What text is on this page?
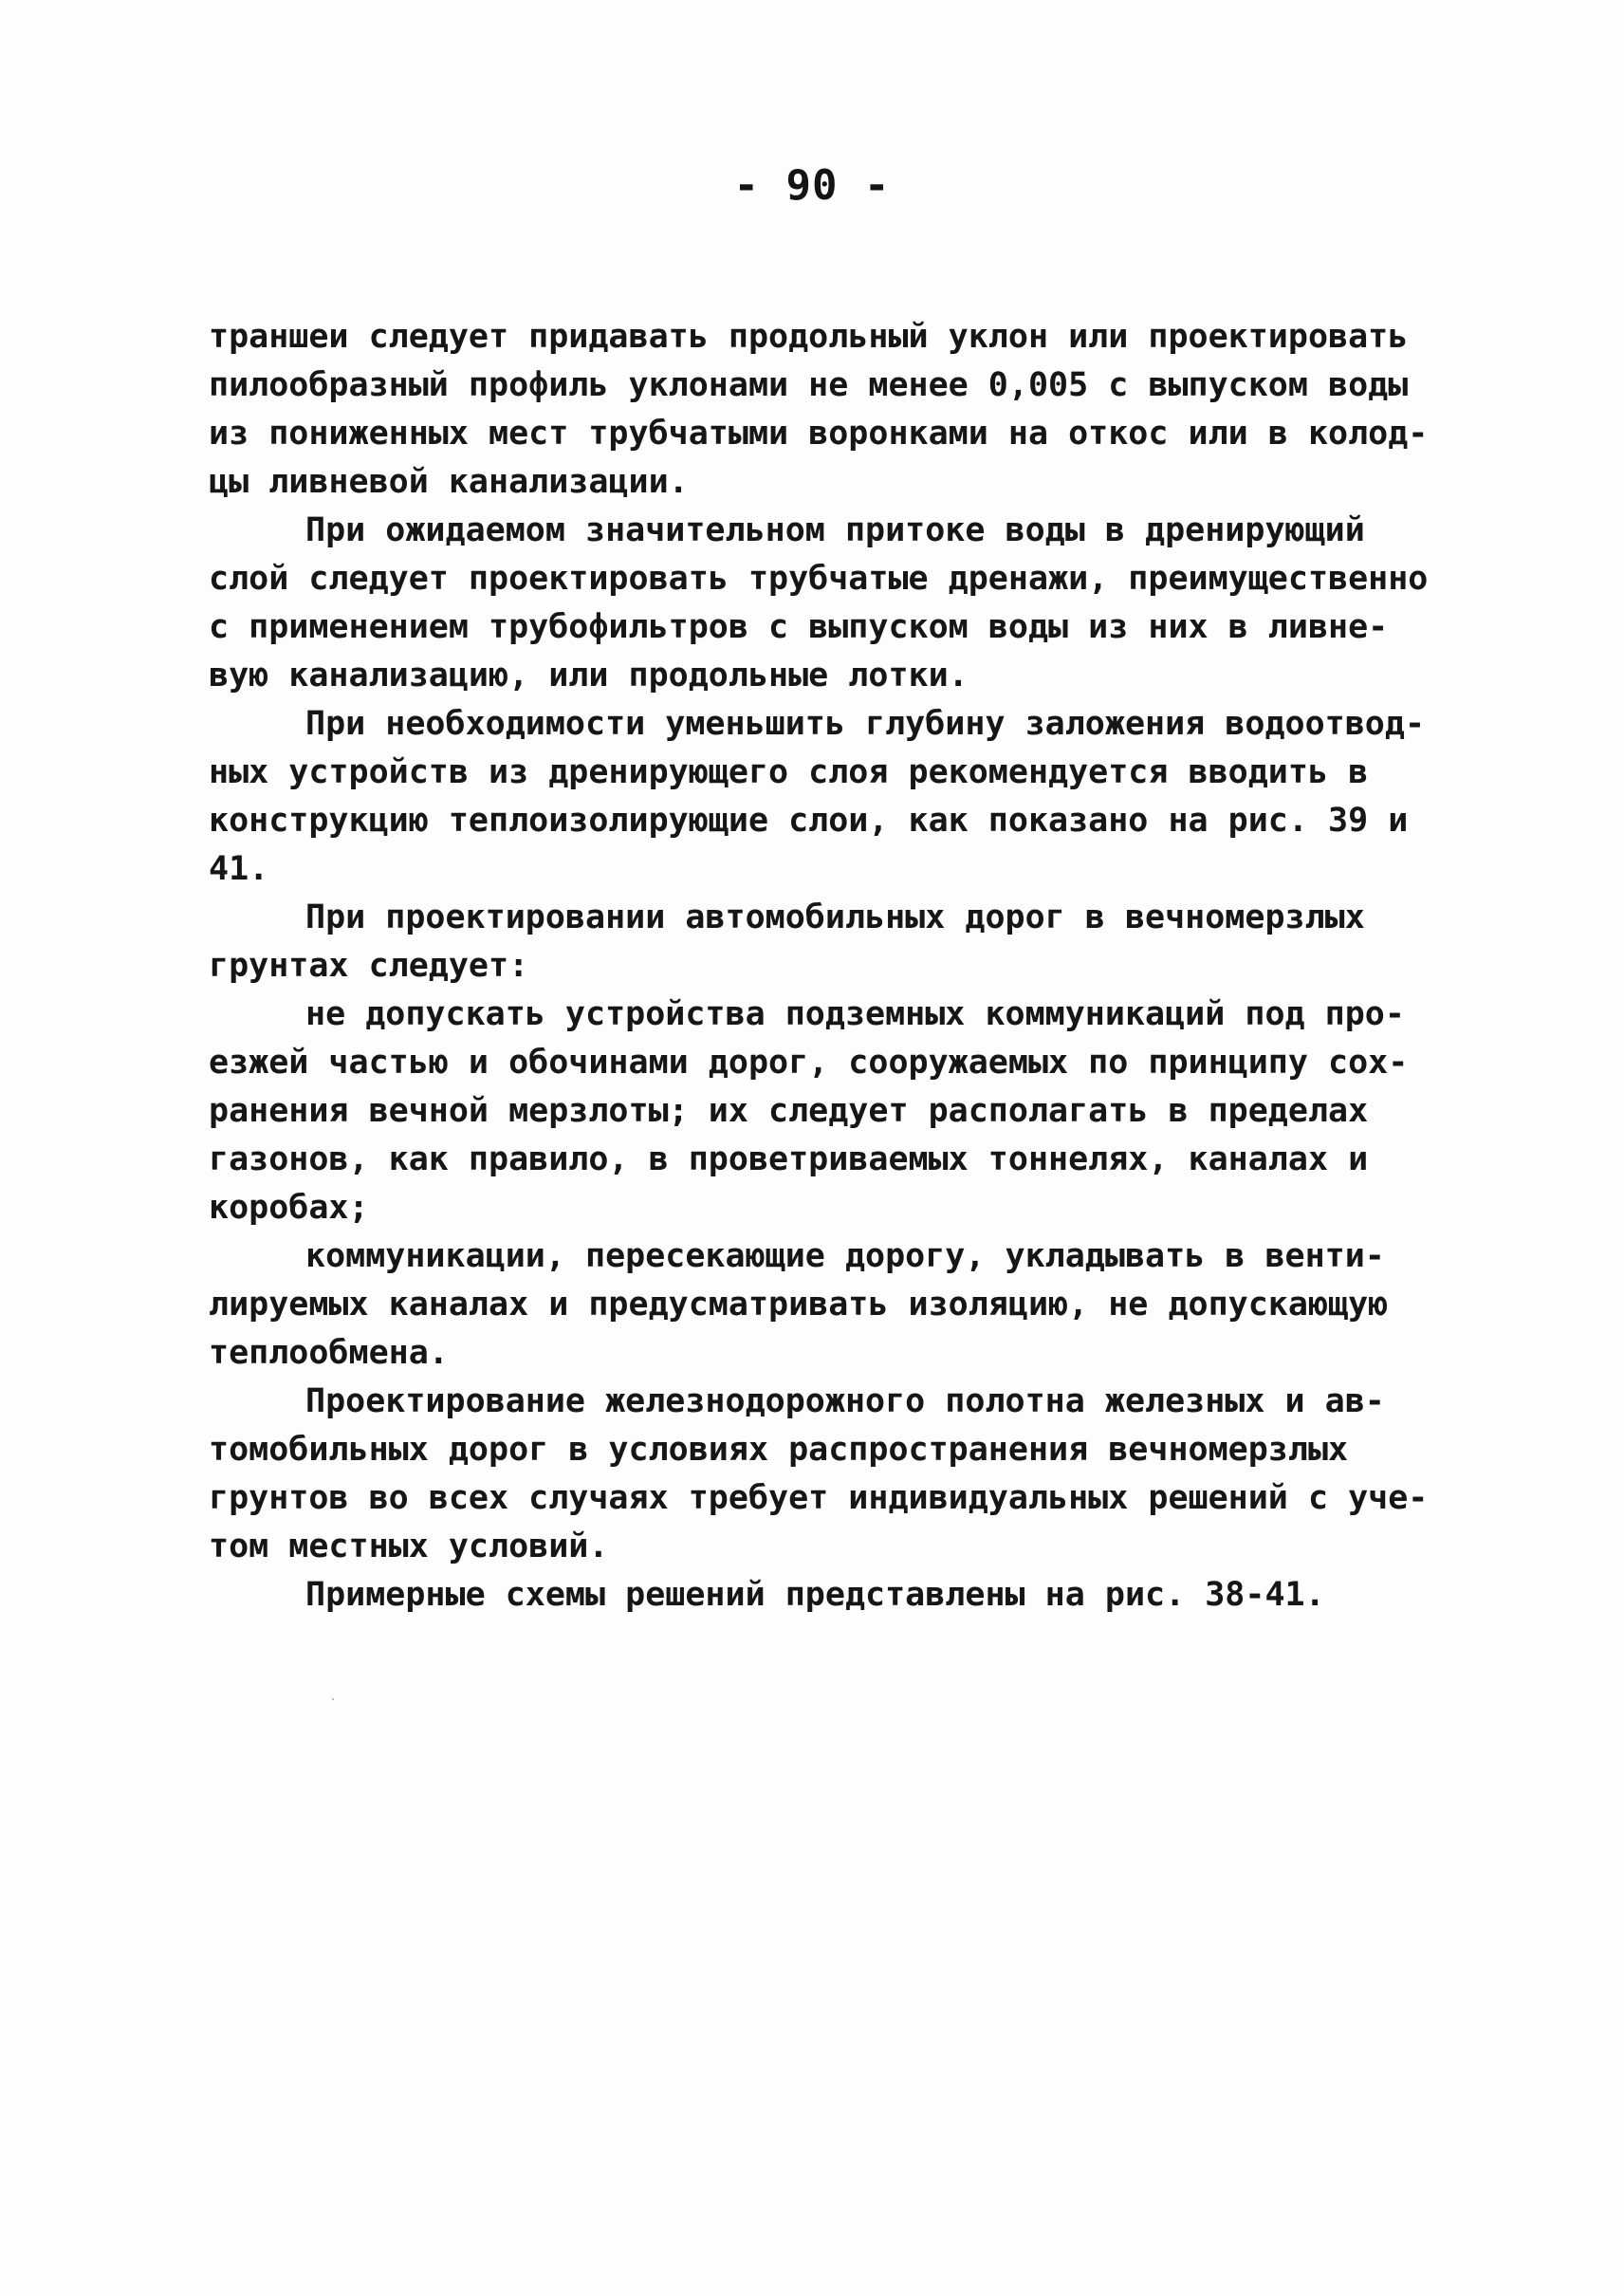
- 90 -
траншеи следует придавать продольный уклон или проектировать
пилообразный профиль уклонами не менее 0,005 с выпуском воды
из пониженных мест трубчатыми воронками на откос или в колод-
цы ливневой канализации.
При ожидаемом значительном притоке воды в дренирующий
слой следует проектировать трубчатые дренажи, преимущественно
с применением трубофильтров с выпуском воды из них в ливне-
вую канализацию, или продольные лотки.
При необходимости уменьшить глубину заложения водоотвод-
ных устройств из дренирующего слоя рекомендуется вводить в
конструкцию теплоизолирующие слои, как показано на рис. 39 и
41.
При проектировании автомобильных дорог в вечномерзлых
грунтах следует:
не допускать устройства подземных коммуникаций под про-
езжей частью и обочинами дорог, сооружаемых по принципу сох-
ранения вечной мерзлоты; их следует располагать в пределах
газонов, как правило, в проветриваемых тоннелях, каналах и
коробах;
коммуникации, пересекающие дорогу, укладывать в венти-
лируемых каналах и предусматривать изоляцию, не допускающую
теплообмена.
Проектирование железнодорожного полотна железных и ав-
томобильных дорог в условиях распространения вечномерзлых
грунтов во всех случаях требует индивидуальных решений с уче-
том местных условий.
Примерные схемы решений представлены на рис. 38-41.
